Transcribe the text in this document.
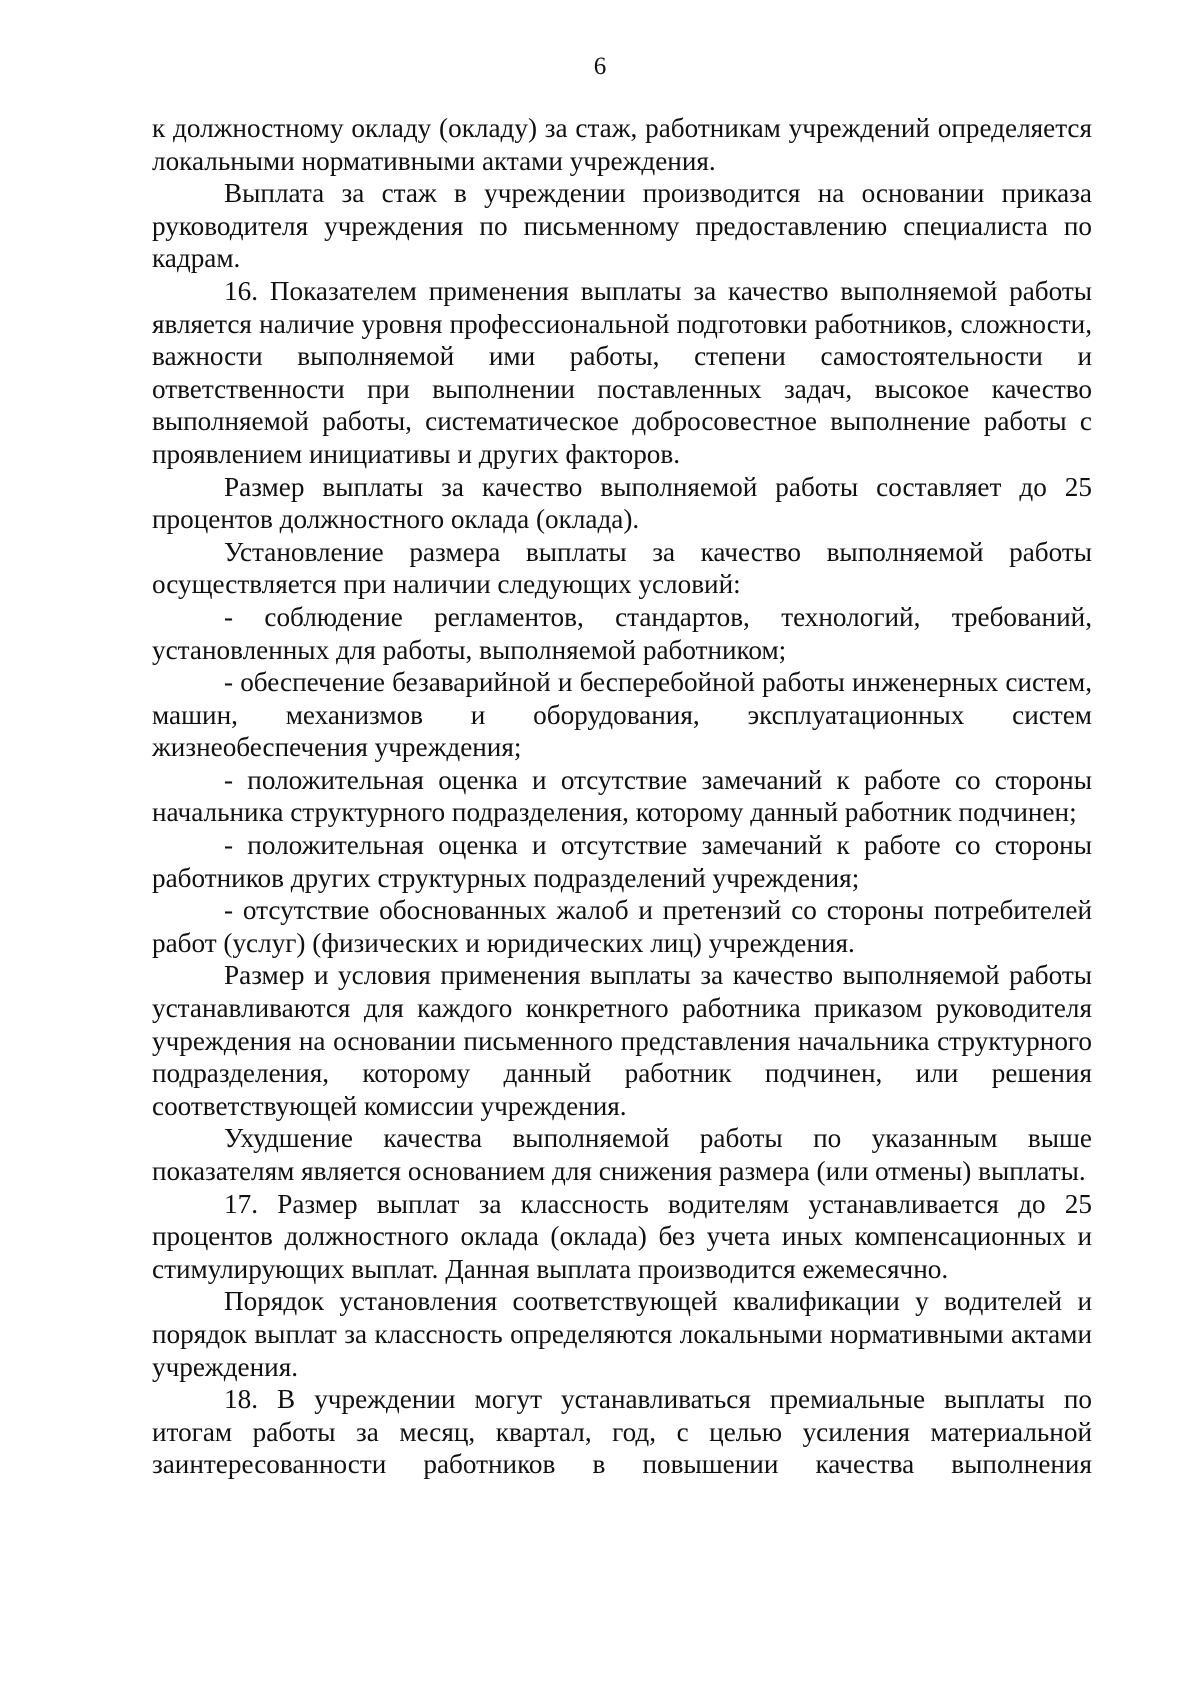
6

к должностному окладу (окладу) за стаж, работникам учреждений определяется локальными нормативными актами учреждения.

Выплата за стаж в учреждении производится на основании приказа руководителя учреждения по письменному предоставлению специалиста по кадрам.

16. Показателем применения выплаты за качество выполняемой работы является наличие уровня профессиональной подготовки работников, сложности, важности выполняемой ими работы, степени самостоятельности и ответственности при выполнении поставленных задач, высокое качество выполняемой работы, систематическое добросовестное выполнение работы с проявлением инициативы и других факторов.

Размер выплаты за качество выполняемой работы составляет до 25 процентов должностного оклада (оклада).

Установление размера выплаты за качество выполняемой работы осуществляется при наличии следующих условий:

- соблюдение регламентов, стандартов, технологий, требований, установленных для работы, выполняемой работником;

- обеспечение безаварийной и бесперебойной работы инженерных систем, машин, механизмов и оборудования, эксплуатационных систем жизнеобеспечения учреждения;

- положительная оценка и отсутствие замечаний к работе со стороны начальника структурного подразделения, которому данный работник подчинен;

- положительная оценка и отсутствие замечаний к работе со стороны работников других структурных подразделений учреждения;

- отсутствие обоснованных жалоб и претензий со стороны потребителей работ (услуг) (физических и юридических лиц) учреждения.

Размер и условия применения выплаты за качество выполняемой работы устанавливаются для каждого конкретного работника приказом руководителя учреждения на основании письменного представления начальника структурного подразделения, которому данный работник подчинен, или решения соответствующей комиссии учреждения.

Ухудшение качества выполняемой работы по указанным выше показателям является основанием для снижения размера (или отмены) выплаты.

17. Размер выплат за классность водителям устанавливается до 25 процентов должностного оклада (оклада) без учета иных компенсационных и стимулирующих выплат. Данная выплата производится ежемесячно.

Порядок установления соответствующей квалификации у водителей и порядок выплат за классность определяются локальными нормативными актами учреждения.

18. В учреждении могут устанавливаться премиальные выплаты по итогам работы за месяц, квартал, год, с целью усиления материальной заинтересованности работников в повышении качества выполнения
